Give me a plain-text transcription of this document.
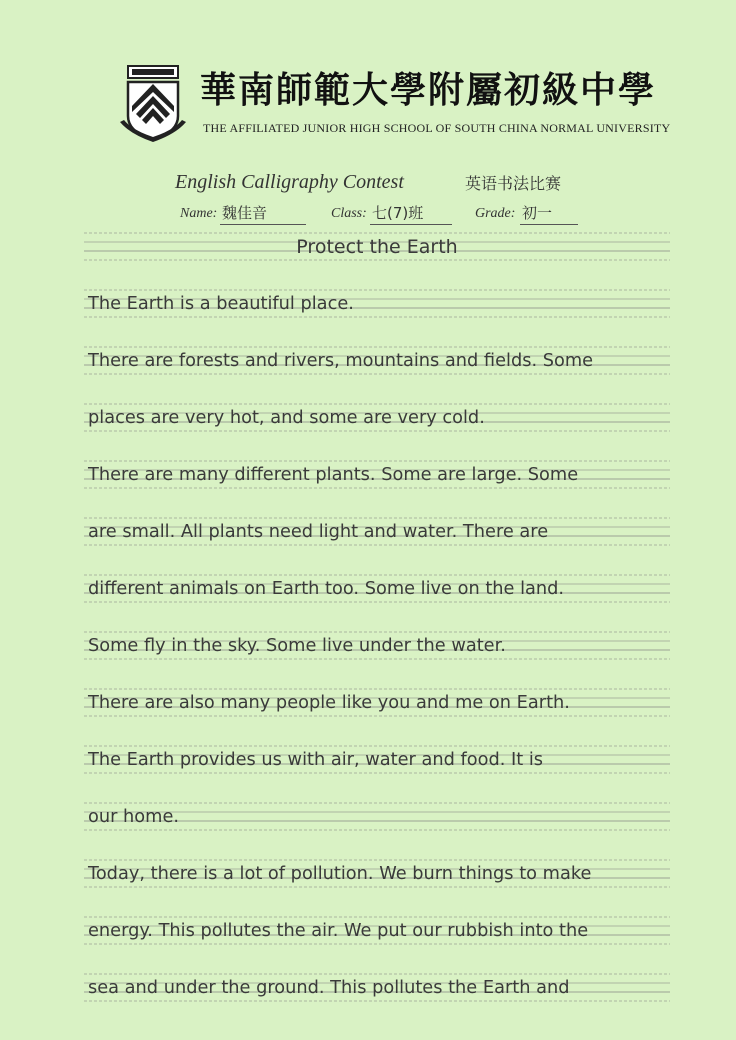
華南師範大學附屬初級中學
THE AFFILIATED JUNIOR HIGH SCHOOL OF SOUTH CHINA NORMAL UNIVERSITY
English Calligraphy Contest	英语书法比赛
Name: 魏佳音	Class: 七(7)班	Grade: 初一
Protect the Earth
The Earth is a beautiful place.
There are forests and rivers, mountains and fields. Some
places are very hot, and some are very cold.
There are many different plants. Some are large. Some
are small. All plants need light and water. There are
different animals on Earth too. Some live on the land.
Some fly in the sky. Some live under the water.
There are also many people like you and me on Earth.
The Earth provides us with air, water and food. It is
our home.
Today, there is a lot of pollution. We burn things to make
energy. This pollutes the air. We put our rubbish into the
sea and under the ground. This pollutes the Earth and
